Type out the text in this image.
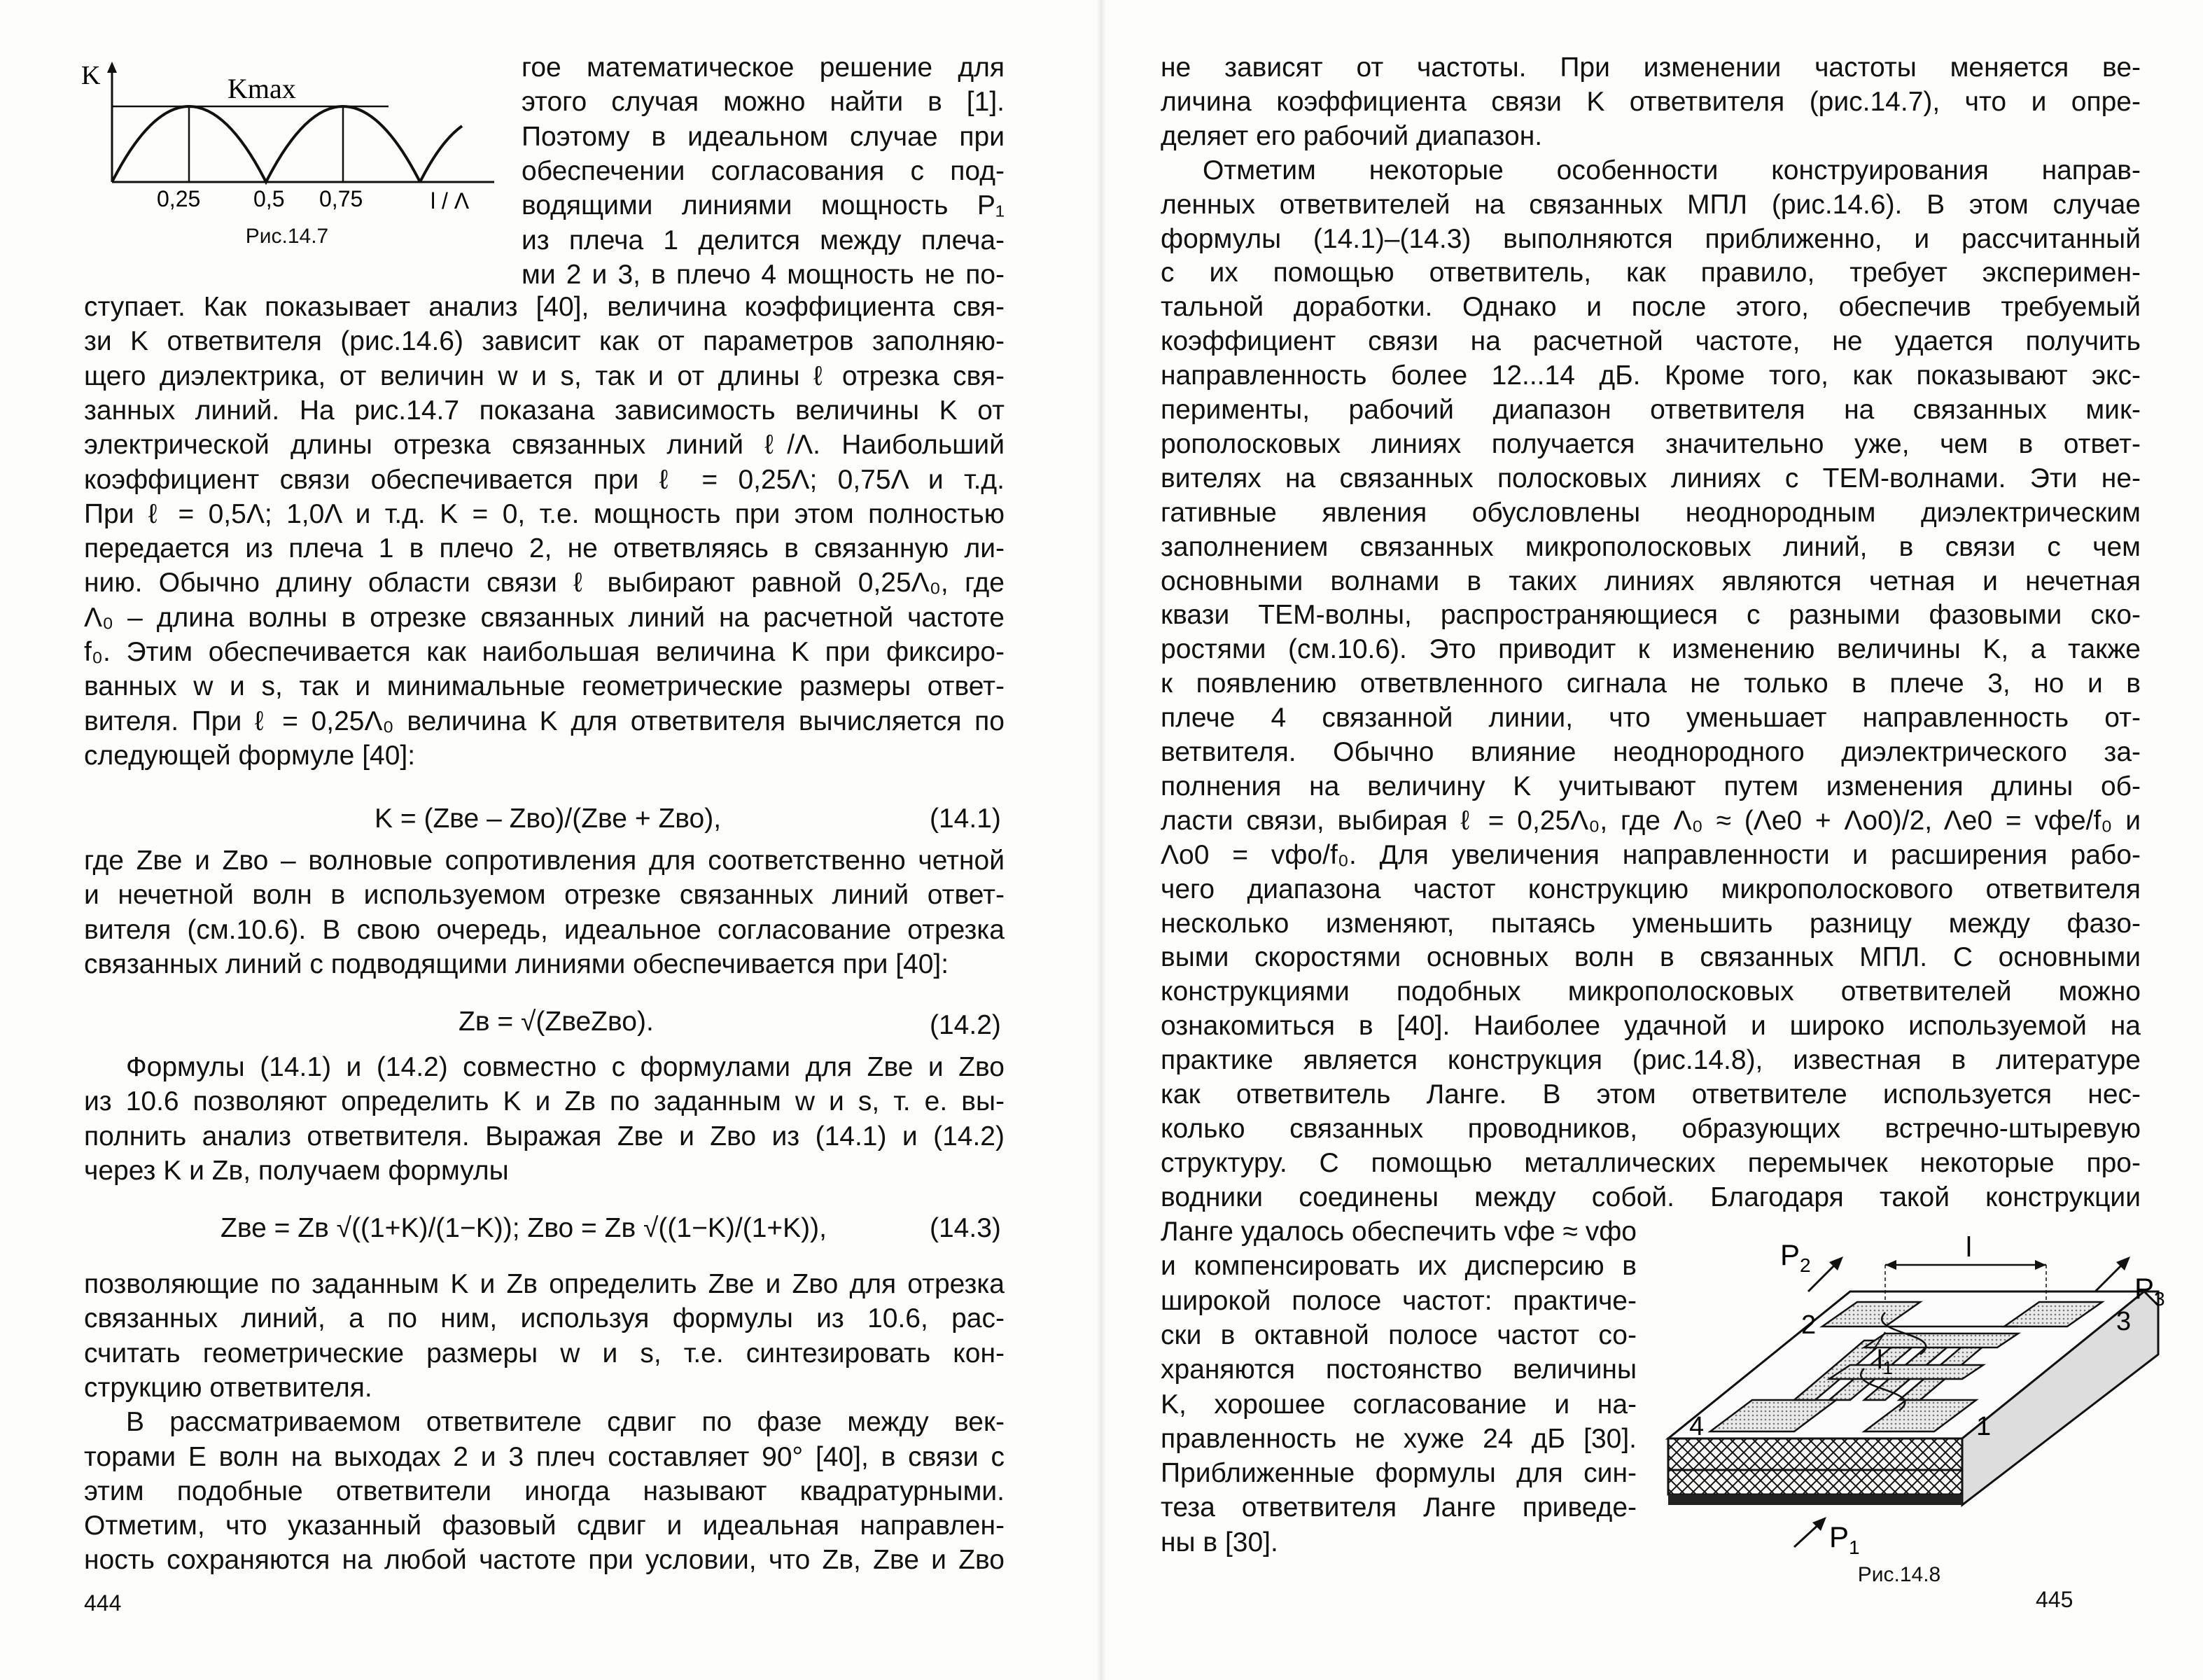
K	Kmax
0,25 0,5 0,75	l / Λ
Рис.14.7
гое математическое решение для
этого случая можно найти в [1].
Поэтому в идеальном случае при
обеспечении согласования с под-
водящими линиями мощность P₁
из плеча 1 делится между плеча-
ми 2 и 3, в плечо 4 мощность не по-
ступает. Как показывает анализ [40], величина коэффициента свя-
зи K ответвителя (рис.14.6) зависит как от параметров заполняю-
щего диэлектрика, от величин w и s, так и от длины ℓ отрезка свя-
занных линий. На рис.14.7 показана зависимость величины K от
электрической длины отрезка связанных линий ℓ/Λ. Наибольший
коэффициент связи обеспечивается при ℓ = 0,25Λ; 0,75Λ и т.д.
При ℓ = 0,5Λ; 1,0Λ и т.д. K = 0, т.е. мощность при этом полностью
передается из плеча 1 в плечо 2, не ответвляясь в связанную ли-
нию. Обычно длину области связи ℓ выбирают равной 0,25Λ₀, где
Λ₀ – длина волны в отрезке связанных линий на расчетной частоте
f₀. Этим обеспечивается как наибольшая величина K при фиксиро-
ванных w и s, так и минимальные геометрические размеры ответ-
вителя. При ℓ = 0,25Λ₀ величина K для ответвителя вычисляется по
следующей формуле [40]:
K = (Zве – Zво)/(Zве + Zво),	(14.1)
где Zве и Zво – волновые сопротивления для соответственно четной
и нечетной волн в используемом отрезке связанных линий ответ-
вителя (см.10.6). В свою очередь, идеальное согласование отрезка
связанных линий с подводящими линиями обеспечивается при [40]:
Zв = √(ZвеZво).	(14.2)
Формулы (14.1) и (14.2) совместно с формулами для Zве и Zво
из 10.6 позволяют определить K и Zв по заданным w и s, т. е. вы-
полнить анализ ответвителя. Выражая Zве и Zво из (14.1) и (14.2)
через K и Zв, получаем формулы
Zве = Zв √((1+K)/(1−K)); Zво = Zв √((1−K)/(1+K)),	(14.3)
позволяющие по заданным K и Zв определить Zве и Zво для отрезка
связанных линий, а по ним, используя формулы из 10.6, рас-
считать геометрические размеры w и s, т.е. синтезировать кон-
струкцию ответвителя.
В рассматриваемом ответвителе сдвиг по фазе между век-
торами E волн на выходах 2 и 3 плеч составляет 90° [40], в связи с
этим подобные ответвители иногда называют квадратурными.
Отметим, что указанный фазовый сдвиг и идеальная направлен-
ность сохраняются на любой частоте при условии, что Zв, Zве и Zво
444
не зависят от частоты. При изменении частоты меняется ве-
личина коэффициента связи K ответвителя (рис.14.7), что и опре-
деляет его рабочий диапазон.
Отметим некоторые особенности конструирования направ-
ленных ответвителей на связанных МПЛ (рис.14.6). В этом случае
формулы (14.1)–(14.3) выполняются приближенно, и рассчитанный
с их помощью ответвитель, как правило, требует эксперимен-
тальной доработки. Однако и после этого, обеспечив требуемый
коэффициент связи на расчетной частоте, не удается получить
направленность более 12...14 дБ. Кроме того, как показывают экс-
перименты, рабочий диапазон ответвителя на связанных мик-
рополосковых линиях получается значительно уже, чем в ответ-
вителях на связанных полосковых линиях с TEM-волнами. Эти не-
гативные явления обусловлены неоднородным диэлектрическим
заполнением связанных микрополосковых линий, в связи с чем
основными волнами в таких линиях являются четная и нечетная
квази TEM-волны, распространяющиеся с разными фазовыми ско-
ростями (см.10.6). Это приводит к изменению величины K, а также
к появлению ответвленного сигнала не только в плече 3, но и в
плече 4 связанной линии, что уменьшает направленность от-
ветвителя. Обычно влияние неоднородного диэлектрического за-
полнения на величину K учитывают путем изменения длины об-
ласти связи, выбирая ℓ = 0,25Λ₀, где Λ₀ ≈ (Λе0 + Λо0)/2, Λе0 = vфе/f₀ и
Λо0 = vфо/f₀. Для увеличения направленности и расширения рабо-
чего диапазона частот конструкцию микрополоскового ответвителя
несколько изменяют, пытаясь уменьшить разницу между фазо-
выми скоростями основных волн в связанных МПЛ. С основными
конструкциями подобных микрополосковых ответвителей можно
ознакомиться в [40]. Наиболее удачной и широко используемой на
практике является конструкция (рис.14.8), известная в литературе
как ответвитель Ланге. В этом ответвителе используется нес-
колько связанных проводников, образующих встречно-штыревую
структуру. С помощью металлических перемычек некоторые про-
водники соединены между собой. Благодаря такой конструкции
Ланге удалось обеспечить vфе ≈ vфо
и компенсировать их дисперсию в
широкой полосе частот: практиче-
ски в октавной полосе частот со-
храняются постоянство величины
K, хорошее согласование и на-
правленность не хуже 24 дБ [30].
Приближенные формулы для син-
теза ответвителя Ланге приведе-
ны в [30].
$P_2$
$P_3$
$P_1$
l
$l_1$
2	3
4	1
Рис.14.8
445
